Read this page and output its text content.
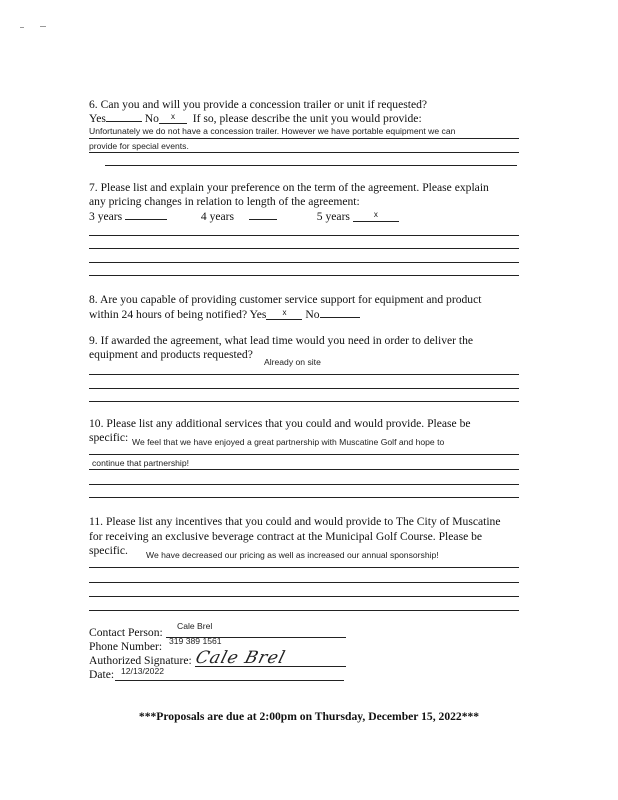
6. Can you and will you provide a concession trailer or unit if requested?
Yes	No x If so, please describe the unit you would provide:
Unfortunately we do not have a concession trailer. However we have portable equipment we can
provide for special events.
7. Please list and explain your preference on the term of the agreement. Please explain
any pricing changes in relation to length of the agreement:
3 years	4 years	5 years	x
8. Are you capable of providing customer service support for equipment and product
within 24 hours of being notified? Yes x No
9. If awarded the agreement, what lead time would you need in order to deliver the
equipment and products requested?
Already on site
10. Please list any additional services that you could and would provide. Please be
specific: We feel that we have enjoyed a great partnership with Muscatine Golf and hope to
continue that partnership!
11. Please list any incentives that you could and would provide to The City of Muscatine
for receiving an exclusive beverage contract at the Municipal Golf Course. Please be
specific. We have decreased our pricing as well as increased our annual sponsorship!
Contact Person: Cale Brel
Phone Number: 319 389 1561
Authorized Signature: Cale Brel
Date: 12/13/2022
***Proposals are due at 2:00pm on Thursday, December 15, 2022***
